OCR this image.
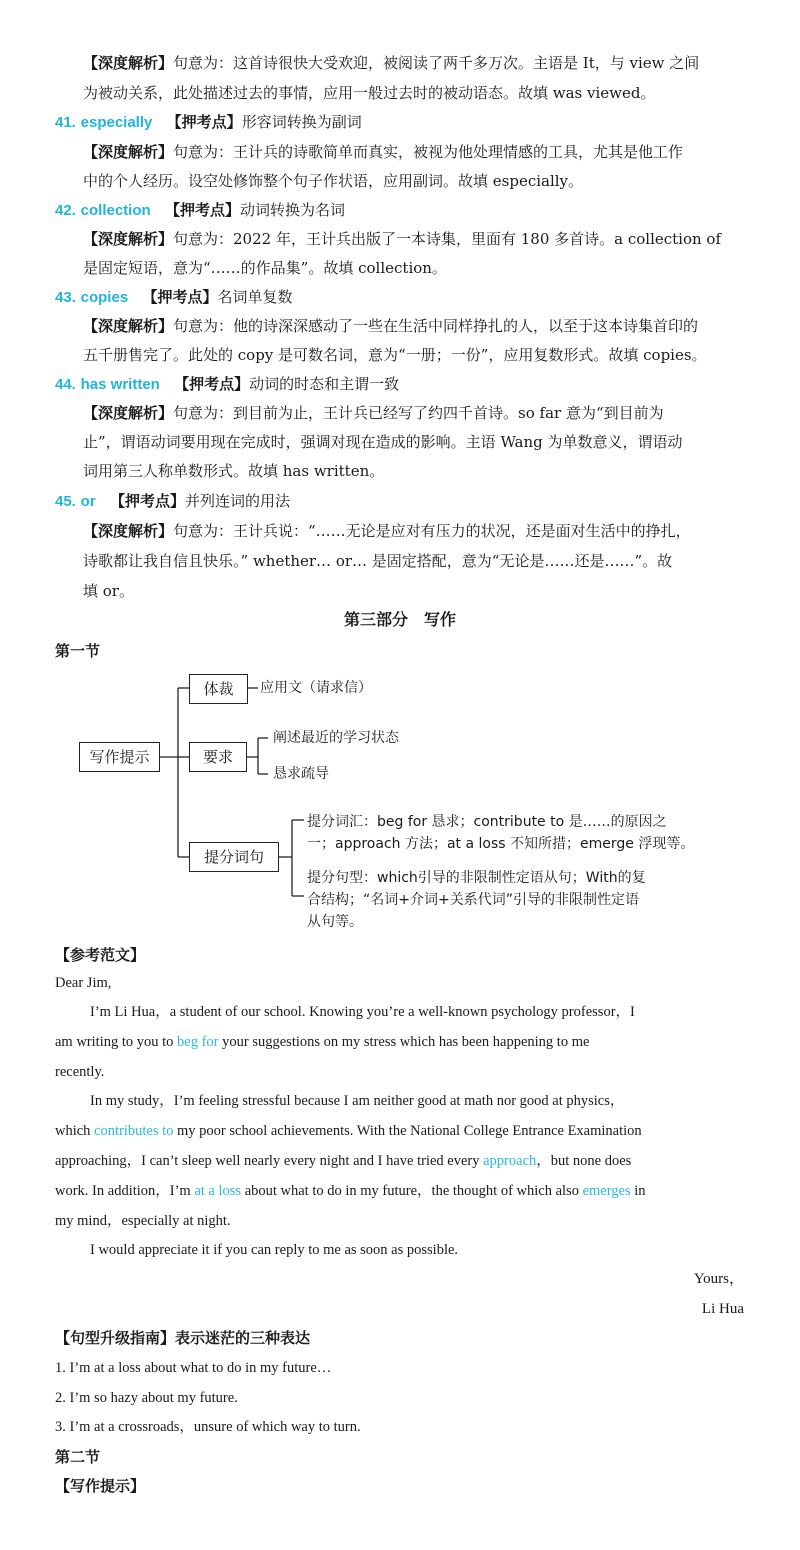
【深度解析】句意为：这首诗很快大受欢迎，被阅读了两千多万次。主语是 It，与 view 之间
为被动关系，此处描述过去的事情，应用一般过去时的被动语态。故填 was viewed。
41. especially 【押考点】形容词转换为副词
【深度解析】句意为：王计兵的诗歌简单而真实，被视为他处理情感的工具，尤其是他工作
中的个人经历。设空处修饰整个句子作状语，应用副词。故填 especially。
42. collection 【押考点】动词转换为名词
【深度解析】句意为：2022 年，王计兵出版了一本诗集，里面有 180 多首诗。a collection of
是固定短语，意为“……的作品集”。故填 collection。
43. copies 【押考点】名词单复数
【深度解析】句意为：他的诗深深感动了一些在生活中同样挣扎的人，以至于这本诗集首印的
五千册售完了。此处的 copy 是可数名词，意为“一册；一份”，应用复数形式。故填 copies。
44. has written 【押考点】动词的时态和主谓一致
【深度解析】句意为：到目前为止，王计兵已经写了约四千首诗。so far 意为“到目前为
止”，谓语动词要用现在完成时，强调对现在造成的影响。主语 Wang 为单数意义，谓语动
词用第三人称单数形式。故填 has written。
45. or 【押考点】并列连词的用法
【深度解析】句意为：王计兵说：“……无论是应对有压力的状况，还是面对生活中的挣扎，
诗歌都让我自信且快乐。” whether… or… 是固定搭配，意为“无论是……还是……”。故
填 or。
第三部分　写作
第一节
写作提示
体裁
要求
提分词句
应用文（请求信）
阐述最近的学习状态
恳求疏导
提分词汇：beg for 恳求；contribute to 是……的原因之
一；approach 方法；at a loss 不知所措；emerge 浮现等。
提分句型：which引导的非限制性定语从句；With的复
合结构；“名词+介词+关系代词”引导的非限制性定语
从句等。
【参考范文】
Dear Jim,
I’m Li Hua，a student of our school. Knowing you’re a well-known psychology professor，I
am writing to you to beg for your suggestions on my stress which has been happening to me
recently.
In my study，I’m feeling stressful because I am neither good at math nor good at physics，
which contributes to my poor school achievements. With the National College Entrance Examination
approaching，I can’t sleep well nearly every night and I have tried every approach，but none does
work. In addition，I’m at a loss about what to do in my future，the thought of which also emerges in
my mind，especially at night.
I would appreciate it if you can reply to me as soon as possible.
Yours，
Li Hua
【句型升级指南】表示迷茫的三种表达
1. I’m at a loss about what to do in my future…
2. I’m so hazy about my future.
3. I’m at a crossroads，unsure of which way to turn.
第二节
【写作提示】
